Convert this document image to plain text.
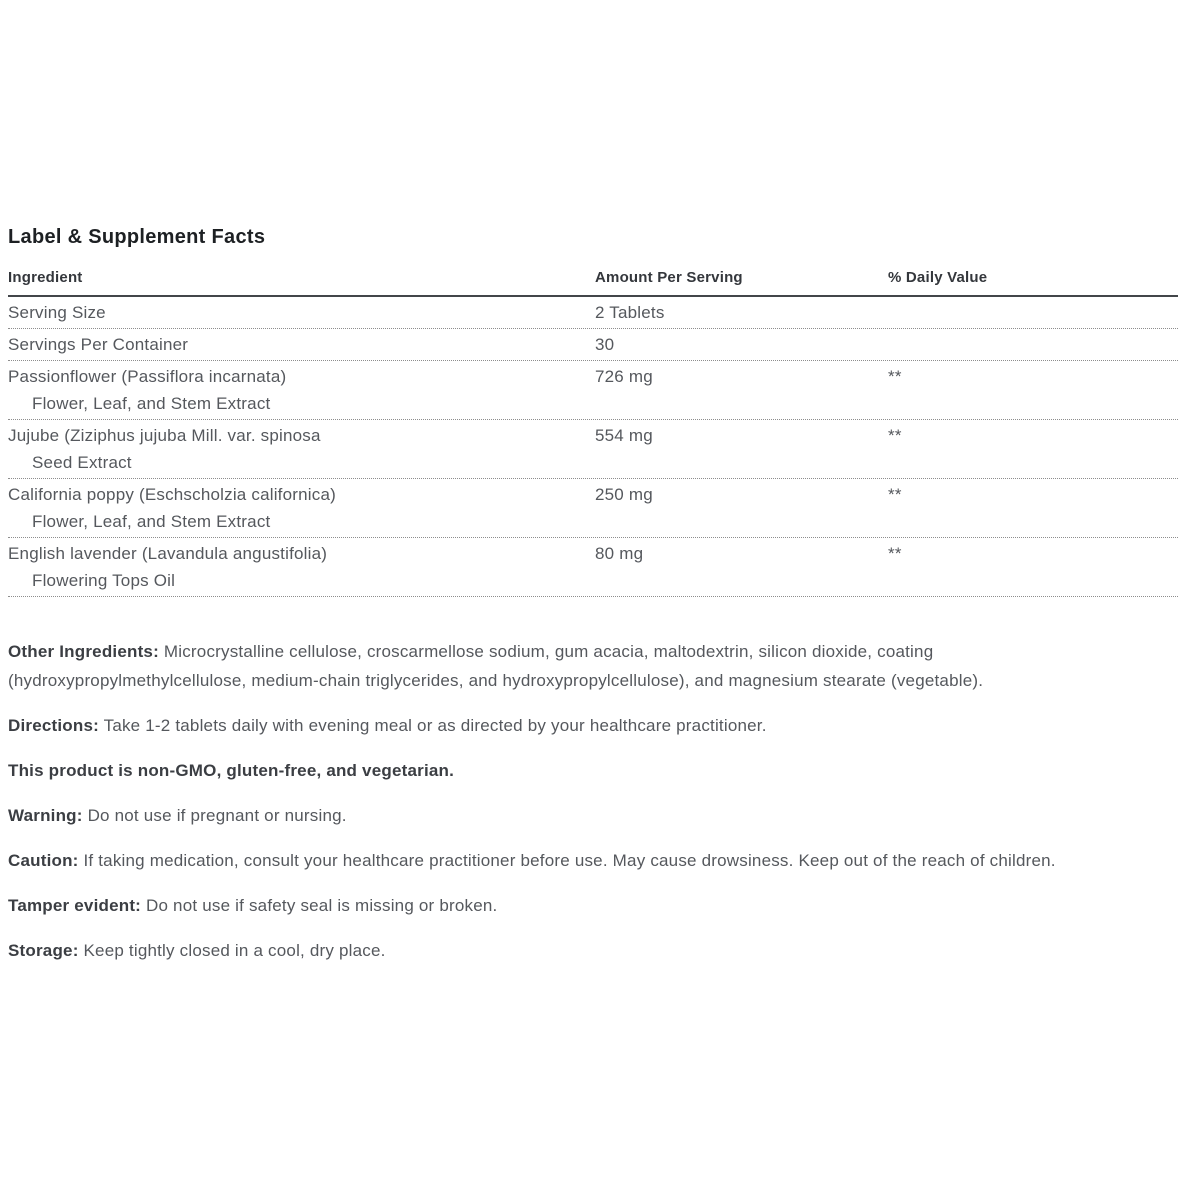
Label & Supplement Facts
Ingredient	Amount Per Serving	% Daily Value
Serving Size	2 Tablets
Servings Per Container	30
Passionflower (Passiflora incarnata)
Flower, Leaf, and Stem Extract
726 mg	**
Jujube (Ziziphus jujuba Mill. var. spinosa
Seed Extract
554 mg	**
California poppy (Eschscholzia californica)
Flower, Leaf, and Stem Extract
250 mg	**
English lavender (Lavandula angustifolia)
Flowering Tops Oil
80 mg	**

Other Ingredients: Microcrystalline cellulose, croscarmellose sodium, gum acacia, maltodextrin, silicon dioxide, coating (hydroxypropylmethylcellulose, medium-chain triglycerides, and hydroxypropylcellulose), and magnesium stearate (vegetable).

Directions: Take 1-2 tablets daily with evening meal or as directed by your healthcare practitioner.

This product is non-GMO, gluten-free, and vegetarian.

Warning: Do not use if pregnant or nursing.

Caution: If taking medication, consult your healthcare practitioner before use. May cause drowsiness. Keep out of the reach of children.

Tamper evident: Do not use if safety seal is missing or broken.

Storage: Keep tightly closed in a cool, dry place.
